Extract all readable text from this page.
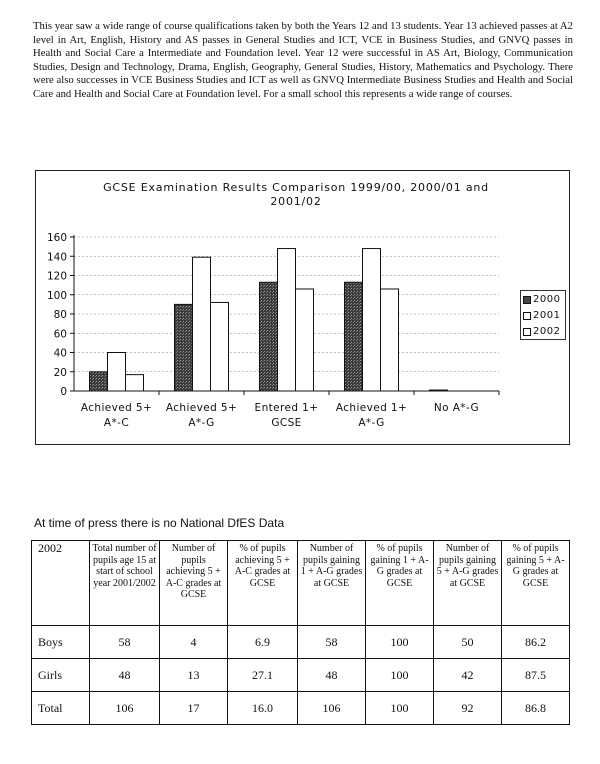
This year saw a wide range of course qualifications taken by both the Years 12 and 13 students. Year 13 achieved passes at A2 level in Art, English, History and AS passes in General Studies and ICT, VCE in Business Studies, and GNVQ passes in Health and Social Care a Intermediate and Foundation level. Year 12 were successful in AS Art, Biology, Communication Studies, Design and Technology, Drama, English, Geography, General Studies, History, Mathematics and Psychology. There were also successes in VCE Business Studies and ICT as well as GNVQ Intermediate Business Studies and Health and Social Care and Health and Social Care at Foundation level. For a small school this represents a wide range of courses.

GCSE Examination Results Comparison 1999/00, 2000/01 and 2001/02
0
20
40
60
80
100
120
140
160
Achieved 5+
A*-C
Achieved 5+
A*-G
Entered 1+
GCSE
Achieved 1+
A*-G
No A*-G
2000
2001
2002

At time of press there is no National DfES Data

2002	Total number of pupils age 15 at start of school year 2001/2002	Number of pupils achieving 5 + A-C grades at GCSE	% of pupils achieving 5 + A-C grades at GCSE	Number of pupils gaining 1 + A-G grades at GCSE	% of pupils gaining 1 + A-G grades at GCSE	Number of pupils gaining 5 + A-G grades at GCSE	% of pupils gaining 5 + A-G grades at GCSE
Boys	58	4	6.9	58	100	50	86.2
Girls	48	13	27.1	48	100	42	87.5
Total	106	17	16.0	106	100	92	86.8
